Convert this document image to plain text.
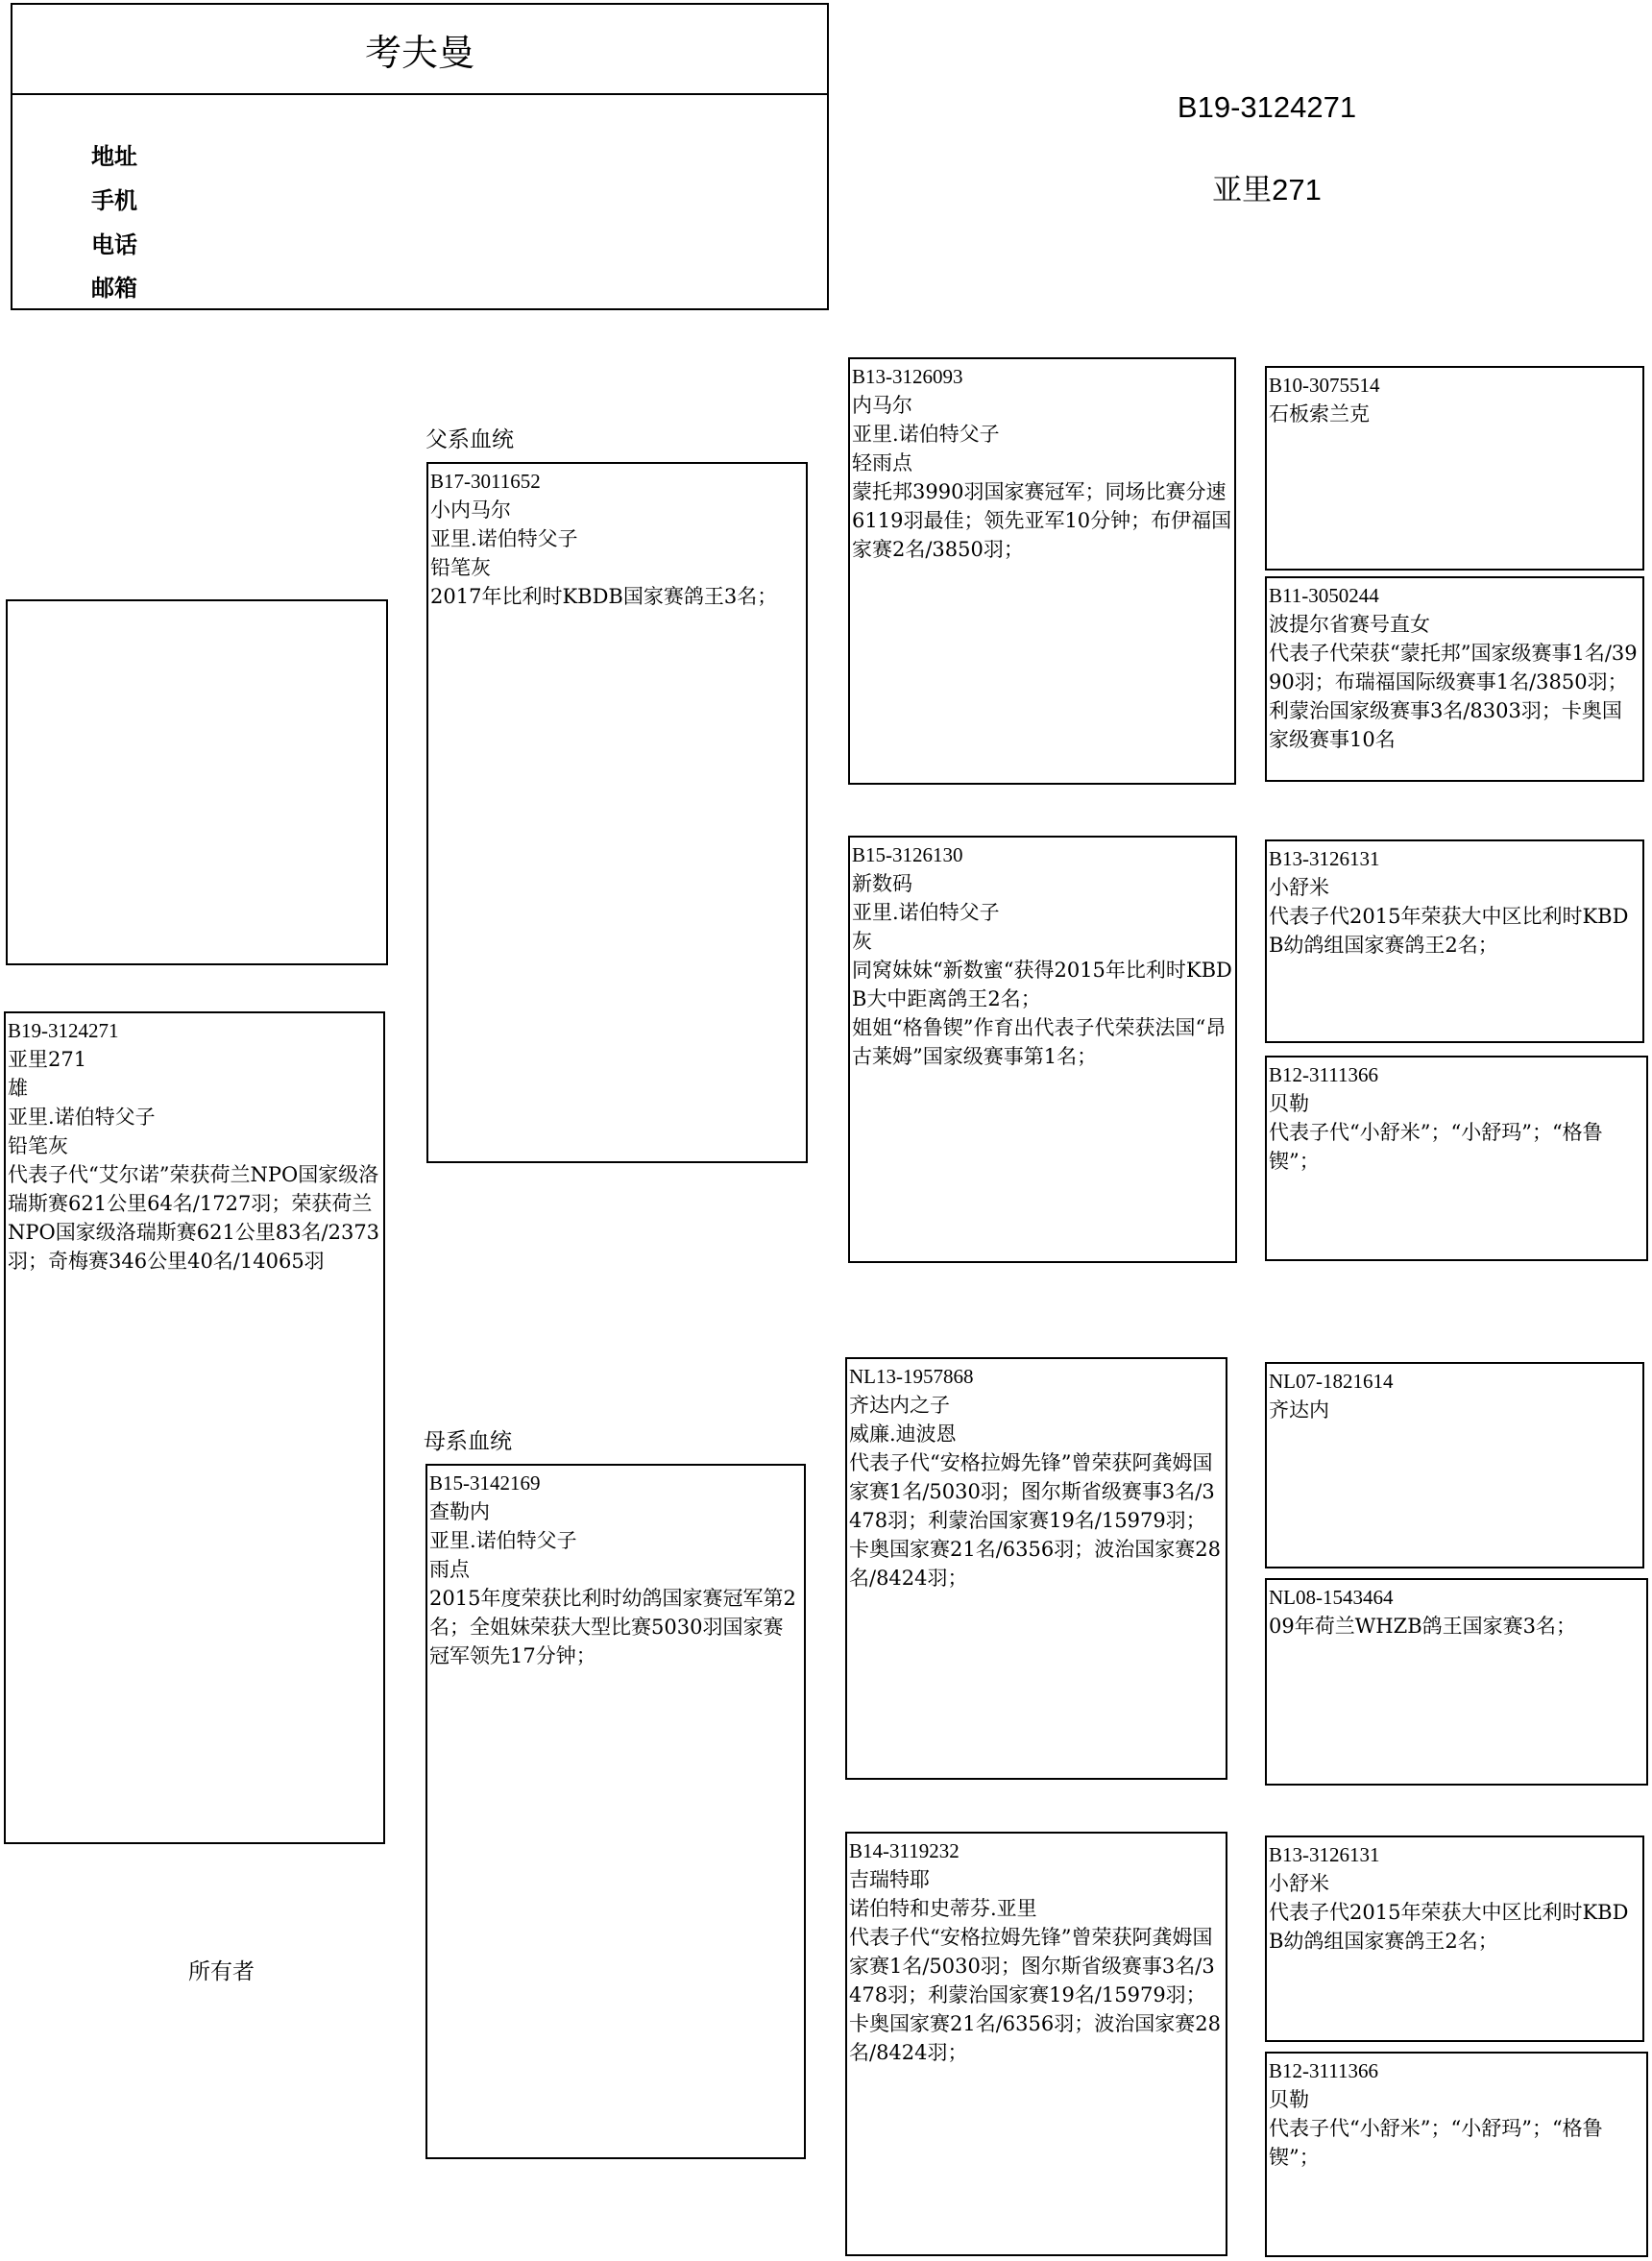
考夫曼
地址
手机
电话
邮箱
B19-3124271
亚里271

B19-3124271

亚里271

雄

亚里.诺伯特父子

铅笔灰

代表子代“艾尔诺”荣获荷兰NPO国家级洛瑞斯赛621公里64名/1727羽；荣获荷兰NPO国家级洛瑞斯赛621公里83名/2373羽；奇梅赛346公里40名/14065羽

所有者
父系血统
母系血统

B17-3011652

小内马尔

亚里.诺伯特父子

铅笔灰

2017年比利时KBDB国家赛鸽王3名；

B15-3142169

查勒内

亚里.诺伯特父子

雨点

2015年度荣获比利时幼鸽国家赛冠军第2名；全姐妹荣获大型比赛5030羽国家赛冠军领先17分钟；

B13-3126093

内马尔

亚里.诺伯特父子

轻雨点

蒙托邦3990羽国家赛冠军；同场比赛分速6119羽最佳；领先亚军10分钟；布伊福国家赛2名/3850羽；

B15-3126130

新数码

亚里.诺伯特父子

灰

同窝妹妹“新数蜜“获得2015年比利时KBDB大中距离鸽王2名；

姐姐“格鲁锲”作育出代表子代荣获法国“昂古莱姆”国家级赛事第1名；

NL13-1957868

齐达内之子

威廉.迪波恩

代表子代“安格拉姆先锋”曾荣获阿龚姆国家赛1名/5030羽；图尔斯省级赛事3名/3478羽；利蒙治国家赛19名/15979羽；卡奥国家赛21名/6356羽；波治国家赛28名/8424羽；

B14-3119232

吉瑞特耶

诺伯特和史蒂芬.亚里

代表子代“安格拉姆先锋”曾荣获阿龚姆国家赛1名/5030羽；图尔斯省级赛事3名/3478羽；利蒙治国家赛19名/15979羽；卡奥国家赛21名/6356羽；波治国家赛28名/8424羽；

B10-3075514

石板索兰克

B11-3050244

波提尔省赛号直女

代表子代荣获“蒙托邦”国家级赛事1名/3990羽；布瑞福国际级赛事1名/3850羽；利蒙治国家级赛事3名/8303羽；卡奥国家级赛事10名

B13-3126131

小舒米

代表子代2015年荣获大中区比利时KBDB幼鸽组国家赛鸽王2名；

B12-3111366

贝勒

代表子代“小舒米”；“小舒玛”；“格鲁锲”；

NL07-1821614

齐达内

NL08-1543464

09年荷兰WHZB鸽王国家赛3名；

B13-3126131

小舒米

代表子代2015年荣获大中区比利时KBDB幼鸽组国家赛鸽王2名；

B12-3111366

贝勒

代表子代“小舒米”；“小舒玛”；“格鲁锲”；
